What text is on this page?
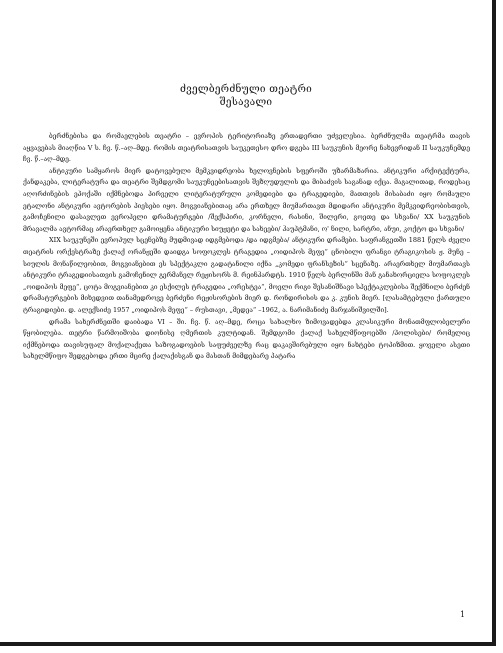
ძველბერძნული თეატრი
შესავალი

ბერძნებისა და რომაელების თეატრი – ევროპის ტერიტორიაზე ერთადერთი უძველესია. ბერძნულმა თეატრმა თავის აყვავებას მიაღწია V ს. ჩვ. წ.–აღ–მდე. რომის თეატრისათვის საუკეთესო დრო დგება III საუკუნის მეორე ნახევრიდან II საუკუნემდე ჩვ. წ.–აღ–მდე.

ანტიკური სამყაროს მიერ დატოვებული მემკვიდრეობა ხელოვნების სფეროში უზარმაზარია. ანტიკური არქიტექტურა, ქანდაკება, ლიტერატურა და თეატრი შემდგომი საუკუნეებისათვის შეზღუდულის და მიბაძვის საგანად იქცა. მაგალითად, როდესაც აღორძინების ეპოქაში იქმნებოდა პირველი ლიტერატურული კომედიები და ტრაგედიები, მათთვის მისაბაძი იყო რომაული ეტალონი ანტიკური ავტორების პიესები იყო. მოგვიანებითაც არა ერთხელ მიუმართავთ მდიდარი ანტიკური მემკვიდრეობისთვის, გამოჩენილი დასავლეთ ევროპელი დრამატურგები /შექსპირი, კორნელი, რასინი, შილერი, გოეთე და სხვანი/ XX საუკუნის მრავალმა ავტორმაც არაერთხელ გამოიყენა ანტიკური სიუჟეტი და სახეები/ ჰაუპტმანი, ო' ნილი, სარტრი, ანუი, კოქტო და სხვანი/

XIX საუკუნეში ევროპულ სცენებზე მუდმივად იდგმებოდა /და იდგმება/ ანტიკური დრამები. საფრანგეთში 1881 წელს ძველი თეატრის ორქესტრაზე ქალაქ ორანჟეში დაიდგა სოფოკლეს ტრაგედია „ოიდიპოს მეფე“ ცნობილი ფრანგი ტრაგიკოსის ჟ. მუნე – სიულის მონაწილეობით, მოგვიანებით ეს სპექტაკლი გადატანილი იქნა „კომედი ფრანსეზის“ სცენაზე. არაერთხელ მიუმართავს ანტიკური ტრაგედიისათვის გამოჩენილ გერმანელ რეჟისორს მ. რეინჰარდტს. 1910 წელს ბერლინში მან განახორციელა სოფოკლეს „ოიდიპოს მეფე“, ცოტა მოგვიანებით კი ესქილეს ტრაგედია „ორესტეა“, მოელი რიგი შესანიშნავი სპექტაკლებისა შექმნილი ბერძენ დრამატურგების მიხედვით თანამედროვე ბერძენი რეჟისორების მიერ დ. რონდირისის და კ. კუნის მიერ. [ლასამტებული ქართული ტრაგიდიები. დ. ალექსიძე 1957 „ოიდიპოს მეფე“ – რუსთავი, „მედეა“ –1962, ა. ნარიმანიძე მარჯანიშვილში].

დრამა სახერძნეთში დაიბადა VI – ში. ჩვ. წ. აღ–მდე, როცა სახალხო ზიმოვადებდა კლასიკური მონათმფლობელური წყობილება. თეტრი წარმოიშობა დიონისე ღმერთის კულტიდან. შემდგომი ქალაქ სახელმწიფოებში /პოლისები/ რომელიც იქმნებოდა თავისუფალ მოქალაქეთა საზოგადოების საფუძველზე რაც დაკავშირებული იყო ნახტები ტოპიზმით. ყოველი ასეთი სახელმწიფო შედგებოდა ერთი მცირე ქალაქისგან და მასთან მიმდებარე პატარა

1
